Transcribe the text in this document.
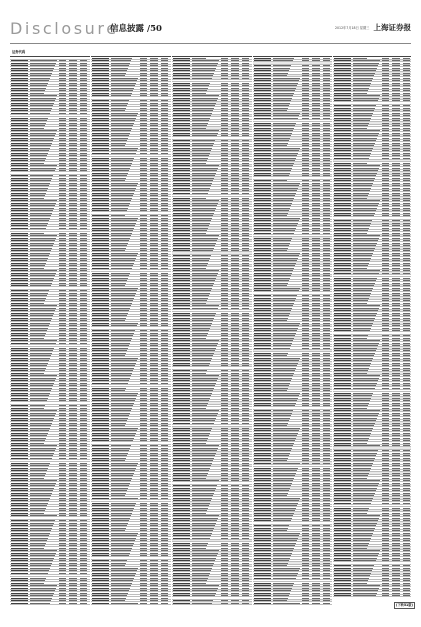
Disclosure
信息披露 /50	2012年7月18日 星期三 上海证券报
证券代码
(下转51版)
